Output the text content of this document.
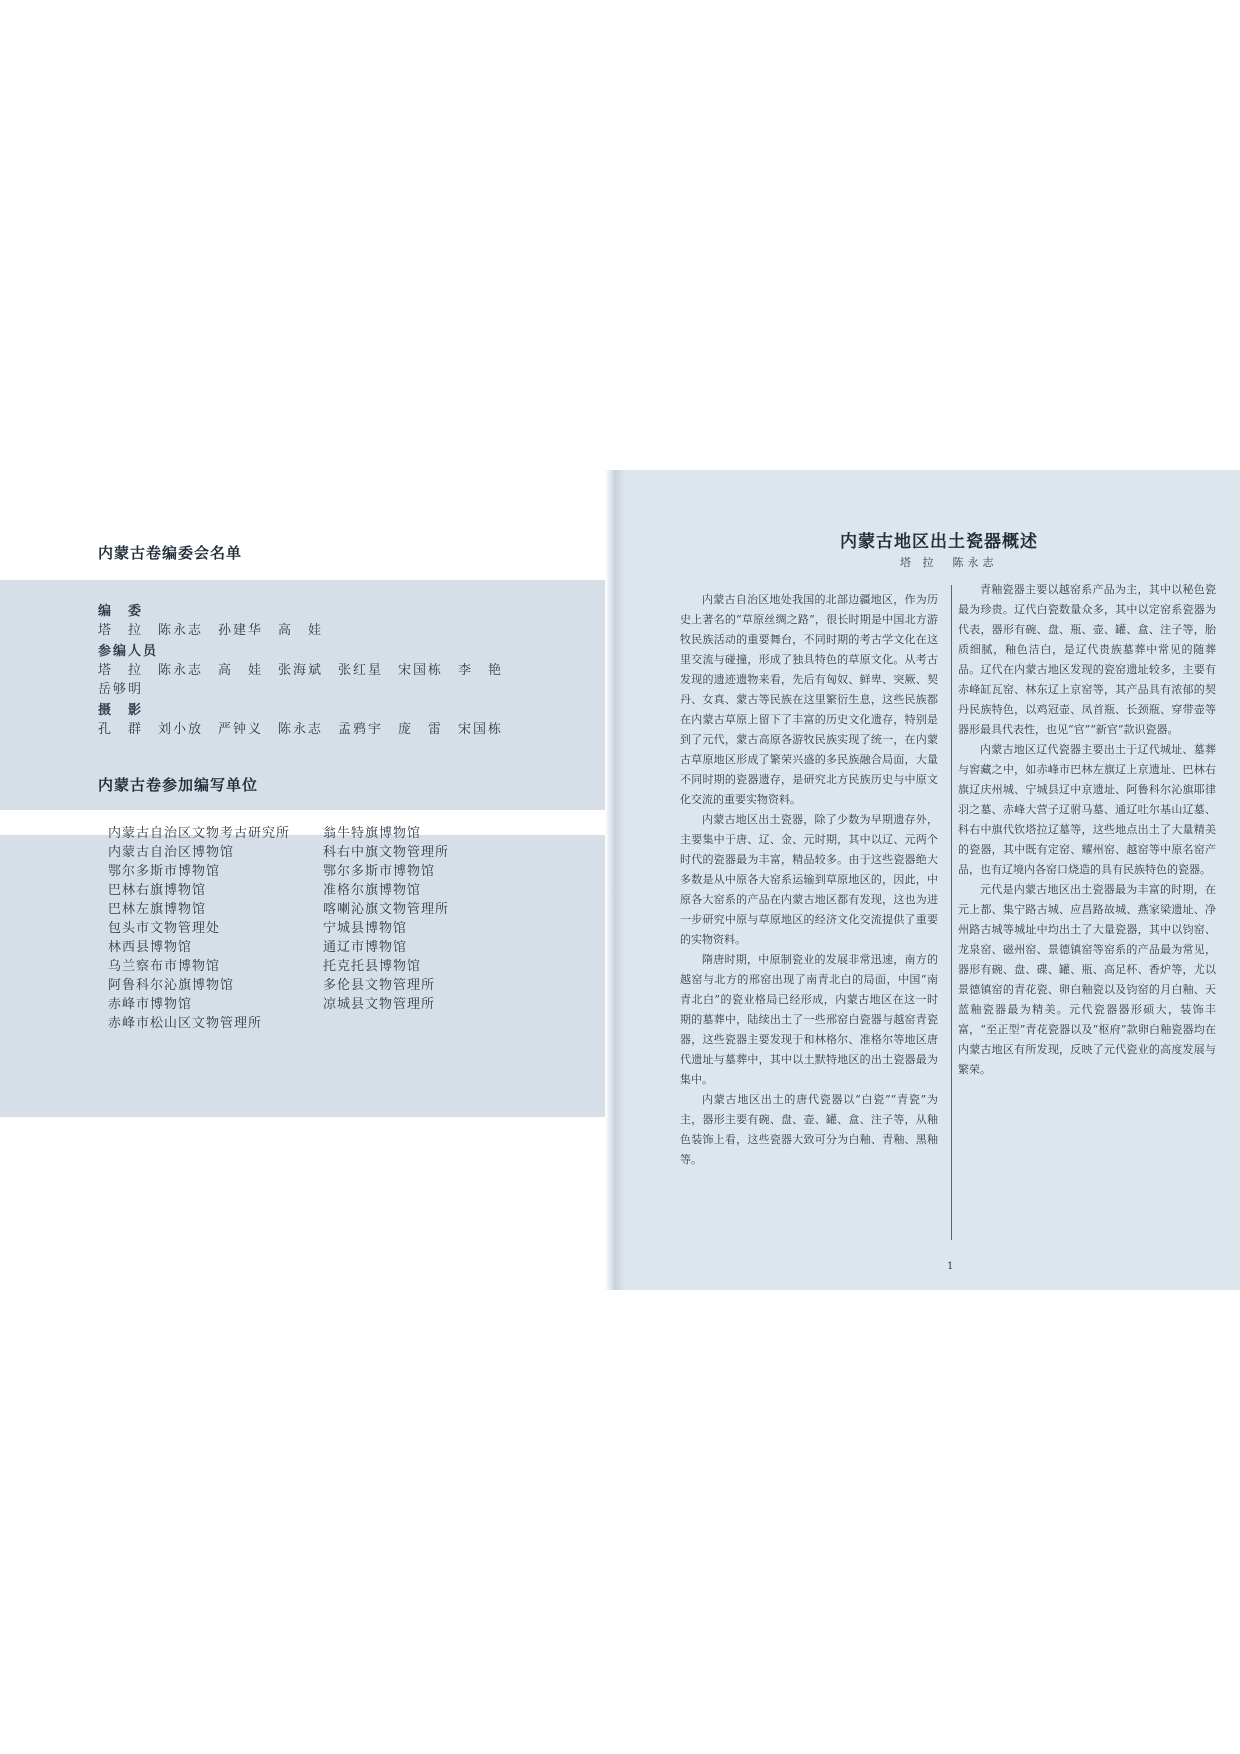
内蒙古卷编委会名单
编　委
塔　拉　陈永志　孙建华　高　娃
参编人员
塔　拉　陈永志　高　娃　张海斌　张红星　宋国栋　李　艳
岳够明
摄　影
孔　群　刘小放　严钟义　陈永志　孟鸦宇　庞　雷　宋国栋
内蒙古卷参加编写单位
内蒙古自治区文物考古研究所
内蒙古自治区博物馆
鄂尔多斯市博物馆
巴林右旗博物馆
巴林左旗博物馆
包头市文物管理处
林西县博物馆
乌兰察布市博物馆
阿鲁科尔沁旗博物馆
赤峰市博物馆
赤峰市松山区文物管理所
翁牛特旗博物馆
科右中旗文物管理所
鄂尔多斯市博物馆
准格尔旗博物馆
喀喇沁旗文物管理所
宁城县博物馆
通辽市博物馆
托克托县博物馆
多伦县文物管理所
凉城县文物管理所
内蒙古地区出土瓷器概述
塔 拉　陈永志

内蒙古自治区地处我国的北部边疆地区，作为历史上著名的“草原丝绸之路”，很长时期是中国北方游牧民族活动的重要舞台，不同时期的考古学文化在这里交流与碰撞，形成了独具特色的草原文化。从考古发现的遗迹遗物来看，先后有匈奴、鲜卑、突厥、契丹、女真、蒙古等民族在这里繁衍生息，这些民族都在内蒙古草原上留下了丰富的历史文化遗存，特别是到了元代，蒙古高原各游牧民族实现了统一，在内蒙古草原地区形成了繁荣兴盛的多民族融合局面，大量不同时期的瓷器遗存，是研究北方民族历史与中原文化交流的重要实物资料。

内蒙古地区出土瓷器，除了少数为早期遗存外，主要集中于唐、辽、金、元时期，其中以辽、元两个时代的瓷器最为丰富，精品较多。由于这些瓷器绝大多数是从中原各大窑系运输到草原地区的，因此，中原各大窑系的产品在内蒙古地区都有发现，这也为进一步研究中原与草原地区的经济文化交流提供了重要的实物资料。

隋唐时期，中原制瓷业的发展非常迅速，南方的越窑与北方的邢窑出现了南青北白的局面，中国“南青北白”的瓷业格局已经形成，内蒙古地区在这一时期的墓葬中，陆续出土了一些邢窑白瓷器与越窑青瓷器，这些瓷器主要发现于和林格尔、准格尔等地区唐代遗址与墓葬中，其中以土默特地区的出土瓷器最为集中。

内蒙古地区出土的唐代瓷器以“白瓷”“青瓷”为主，器形主要有碗、盘、壶、罐、盒、注子等，从釉色装饰上看，这些瓷器大致可分为白釉、青釉、黑釉等。

青釉瓷器主要以越窑系产品为主，其中以秘色瓷最为珍贵。辽代白瓷数量众多，其中以定窑系瓷器为代表，器形有碗、盘、瓶、壶、罐、盒、注子等，胎质细腻，釉色洁白，是辽代贵族墓葬中常见的随葬品。辽代在内蒙古地区发现的瓷窑遗址较多，主要有赤峰缸瓦窑、林东辽上京窑等，其产品具有浓郁的契丹民族特色，以鸡冠壶、凤首瓶、长颈瓶、穿带壶等器形最具代表性，也见“官”“新官”款识瓷器。

内蒙古地区辽代瓷器主要出土于辽代城址、墓葬与窖藏之中，如赤峰市巴林左旗辽上京遗址、巴林右旗辽庆州城、宁城县辽中京遗址、阿鲁科尔沁旗耶律羽之墓、赤峰大营子辽驸马墓、通辽吐尔基山辽墓、科右中旗代钦塔拉辽墓等，这些地点出土了大量精美的瓷器，其中既有定窑、耀州窑、越窑等中原名窑产品，也有辽境内各窑口烧造的具有民族特色的瓷器。

元代是内蒙古地区出土瓷器最为丰富的时期，在元上都、集宁路古城、应昌路故城、燕家梁遗址、净州路古城等城址中均出土了大量瓷器，其中以钧窑、龙泉窑、磁州窑、景德镇窑等窑系的产品最为常见，器形有碗、盘、碟、罐、瓶、高足杯、香炉等，尤以景德镇窑的青花瓷、卵白釉瓷以及钧窑的月白釉、天蓝釉瓷器最为精美。元代瓷器器形硕大，装饰丰富，“至正型”青花瓷器以及“枢府”款卵白釉瓷器均在内蒙古地区有所发现，反映了元代瓷业的高度发展与繁荣。

1
